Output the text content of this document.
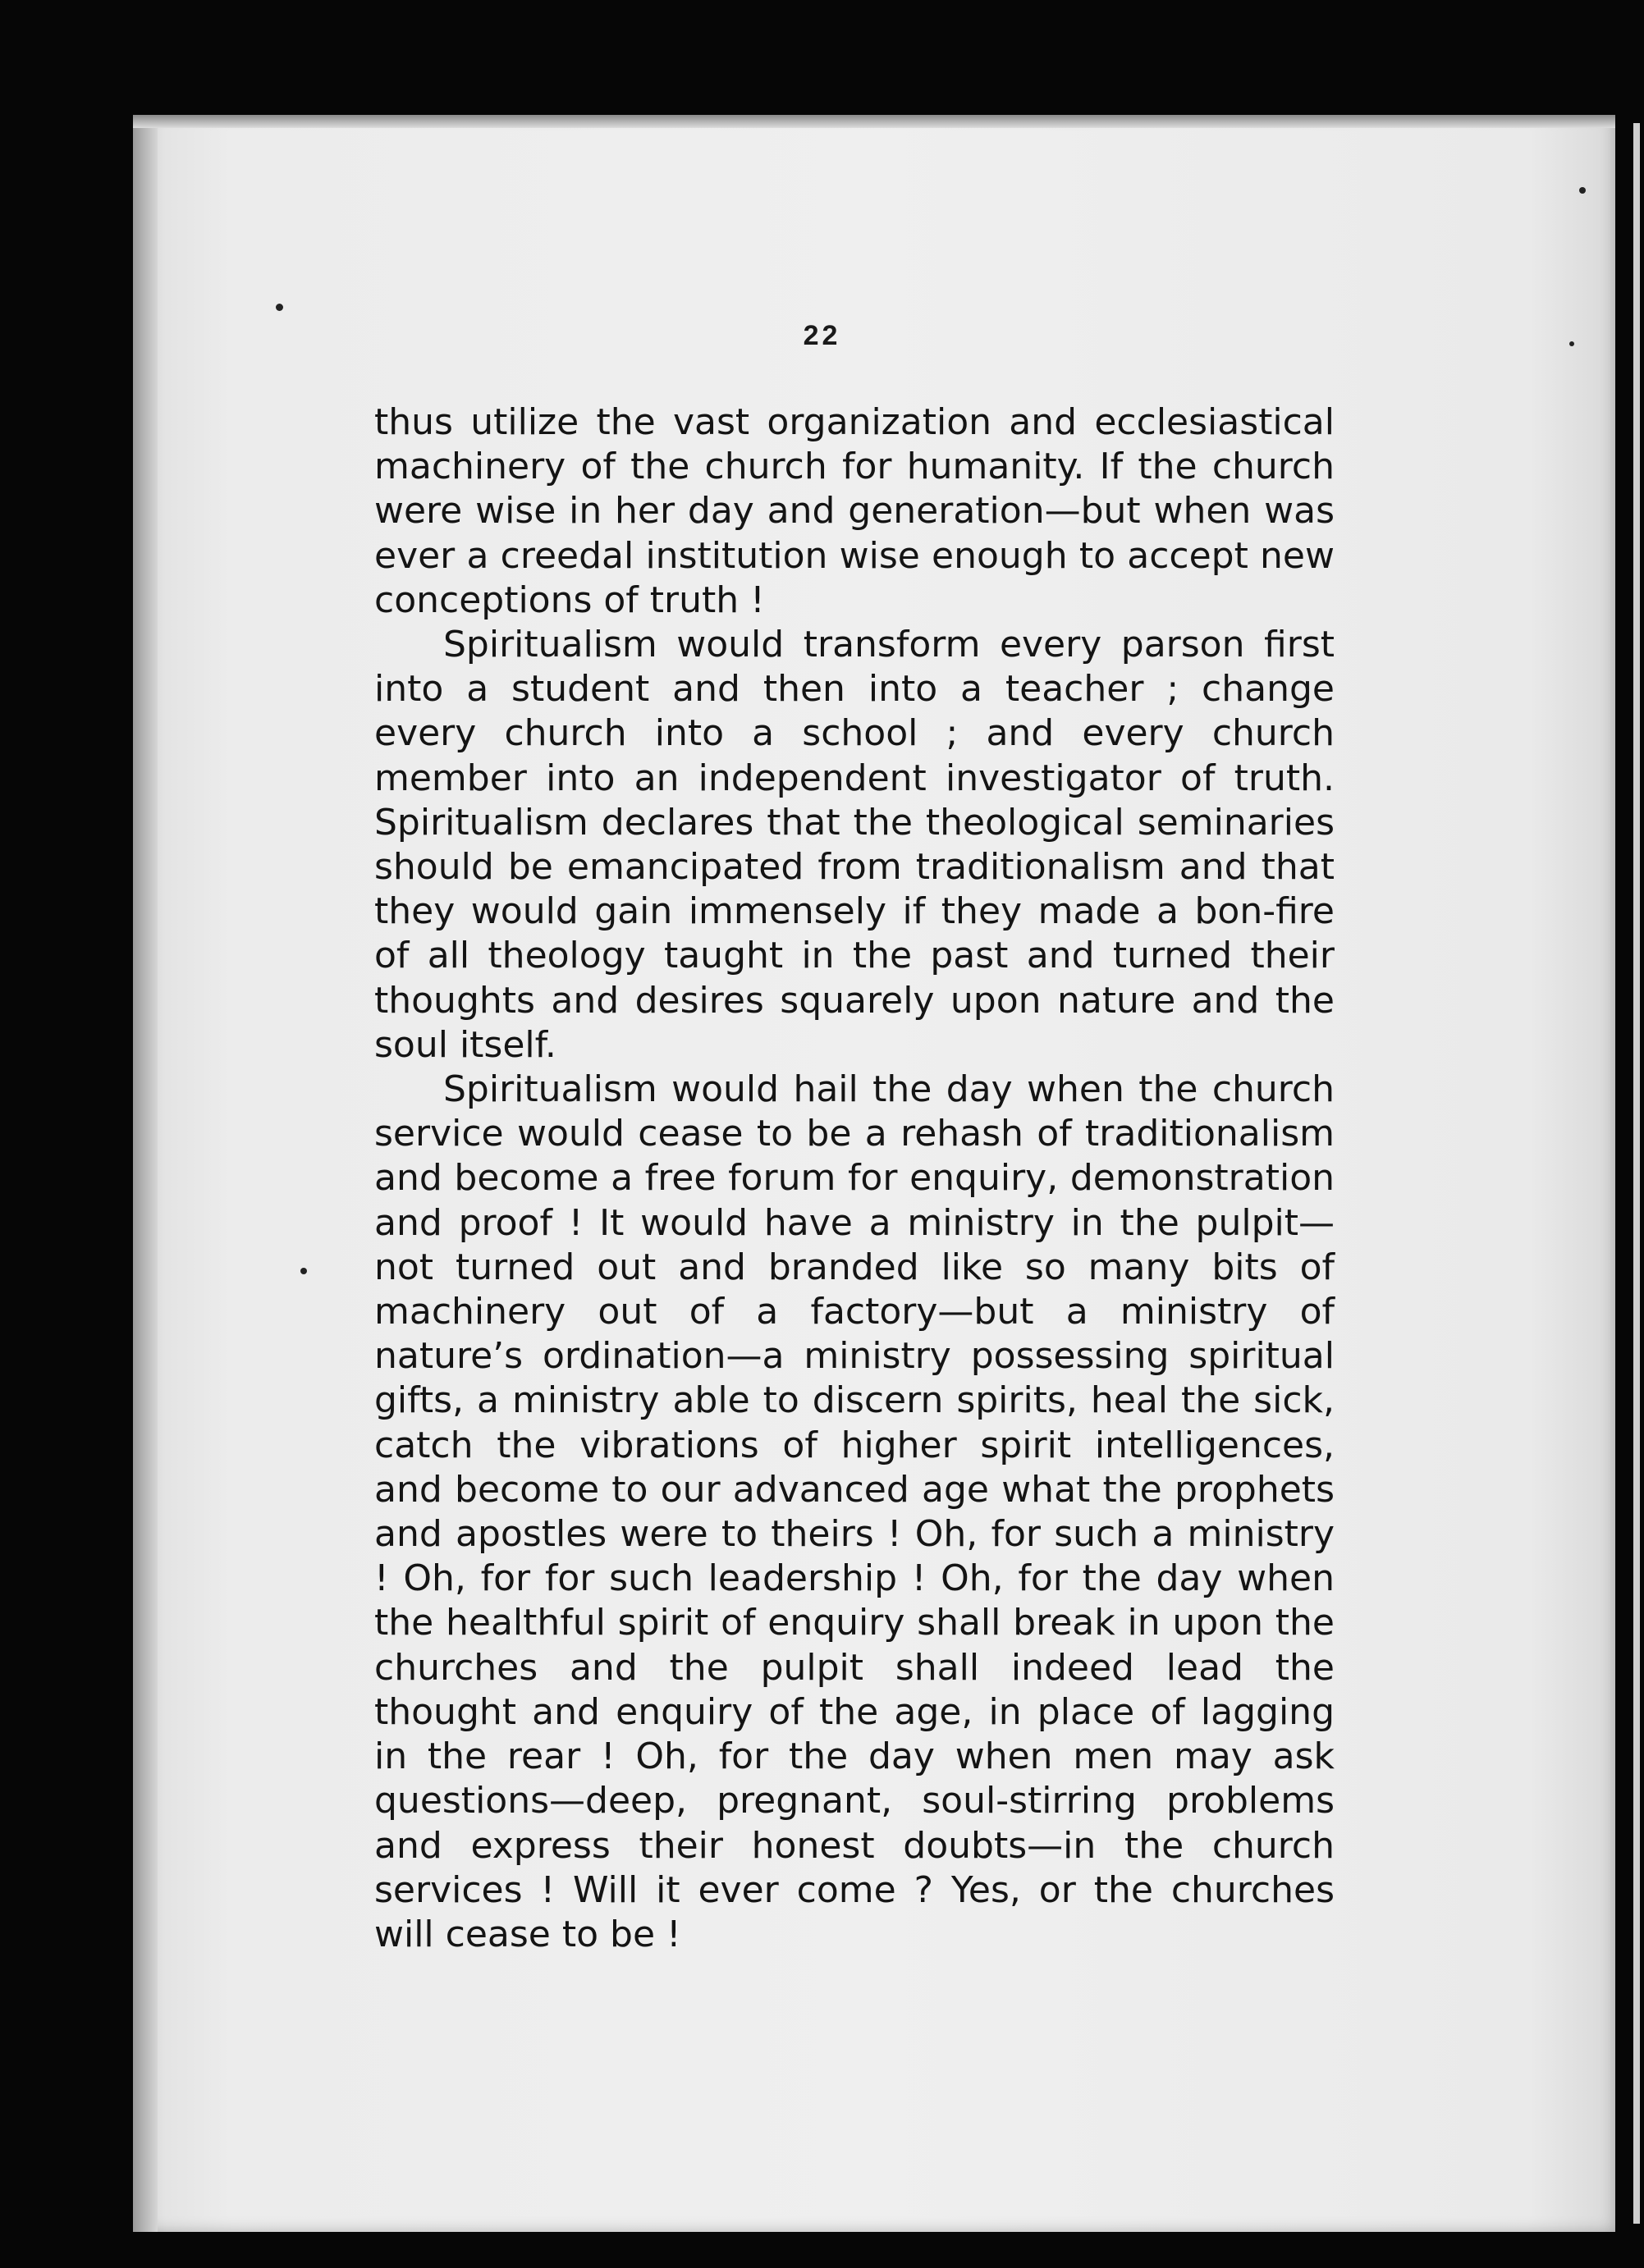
22

thus utilize the vast organization and ecclesiastical machinery of the church for humanity. If the church were wise in her day and generation—but when was ever a creedal institution wise enough to accept new conceptions of truth !

Spiritualism would transform every parson first into a student and then into a teacher ; change every church into a school ; and every church member into an independent investigator of truth. Spiritualism declares that the theological seminaries should be emancipated from traditionalism and that they would gain immensely if they made a bon-fire of all theology taught in the past and turned their thoughts and desires squarely upon nature and the soul itself.

Spiritualism would hail the day when the church service would cease to be a rehash of traditionalism and become a free forum for enquiry, demonstration and proof ! It would have a ministry in the pulpit—not turned out and branded like so many bits of machinery out of a factory—but a ministry of nature’s ordination—a ministry possessing spiritual gifts, a ministry able to discern spirits, heal the sick, catch the vibrations of higher spirit intelligences, and become to our advanced age what the prophets and apostles were to theirs ! Oh, for such a ministry ! Oh, for for such leadership ! Oh, for the day when the healthful spirit of enquiry shall break in upon the churches and the pulpit shall indeed lead the thought and enquiry of the age, in place of lagging in the rear ! Oh, for the day when men may ask questions—deep, pregnant, soul-stirring problems and express their honest doubts—in the church services ! Will it ever come ? Yes, or the churches will cease to be !
